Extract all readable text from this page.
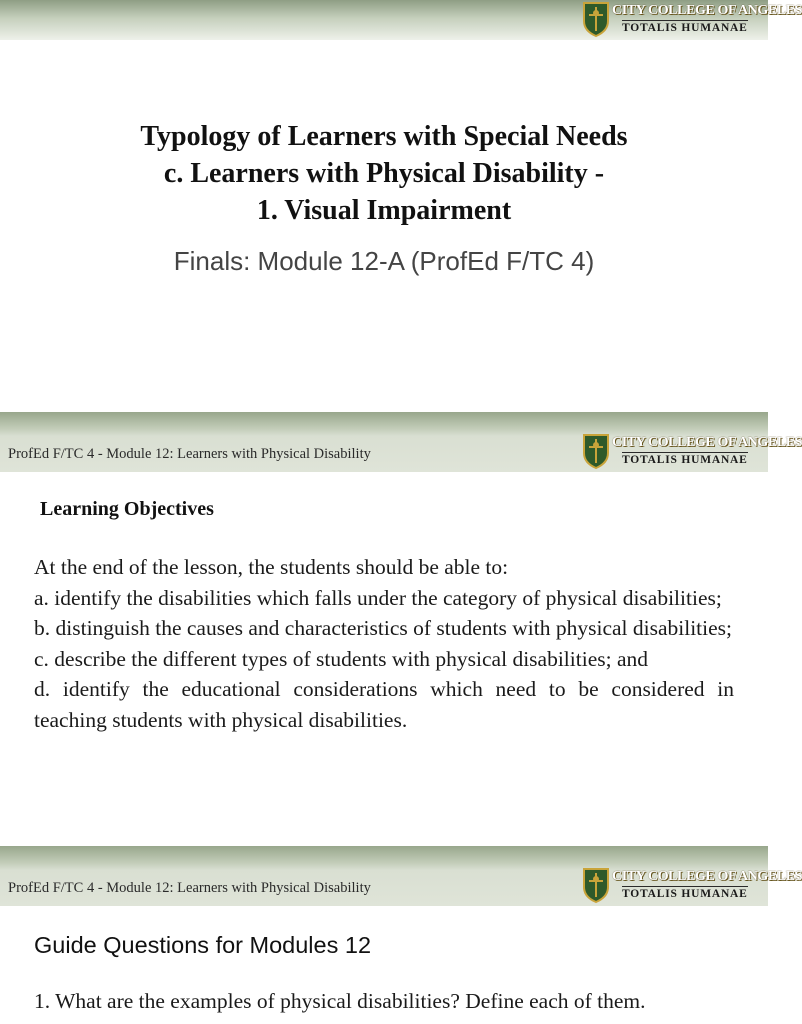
CITY COLLEGE OF ANGELES
TOTALIS HUMANAE
Typology of Learners with Special Needs
c. Learners with Physical Disability -
1. Visual Impairment
Finals: Module 12-A (ProfEd F/TC 4)
ProfEd F/TC 4 - Module 12: Learners with Physical Disability
CITY COLLEGE OF ANGELES
TOTALIS HUMANAE
Learning Objectives

At the end of the lesson, the students should be able to:

a. identify the disabilities which falls under the category of physical disabilities;

b. distinguish the causes and characteristics of students with physical disabilities;

c. describe the different types of students with physical disabilities; and

d. identify the educational considerations which need to be considered in teaching students with physical disabilities.

ProfEd F/TC 4 - Module 12: Learners with Physical Disability
CITY COLLEGE OF ANGELES
TOTALIS HUMANAE
Guide Questions for Modules 12
1. What are the examples of physical disabilities? Define each of them.
